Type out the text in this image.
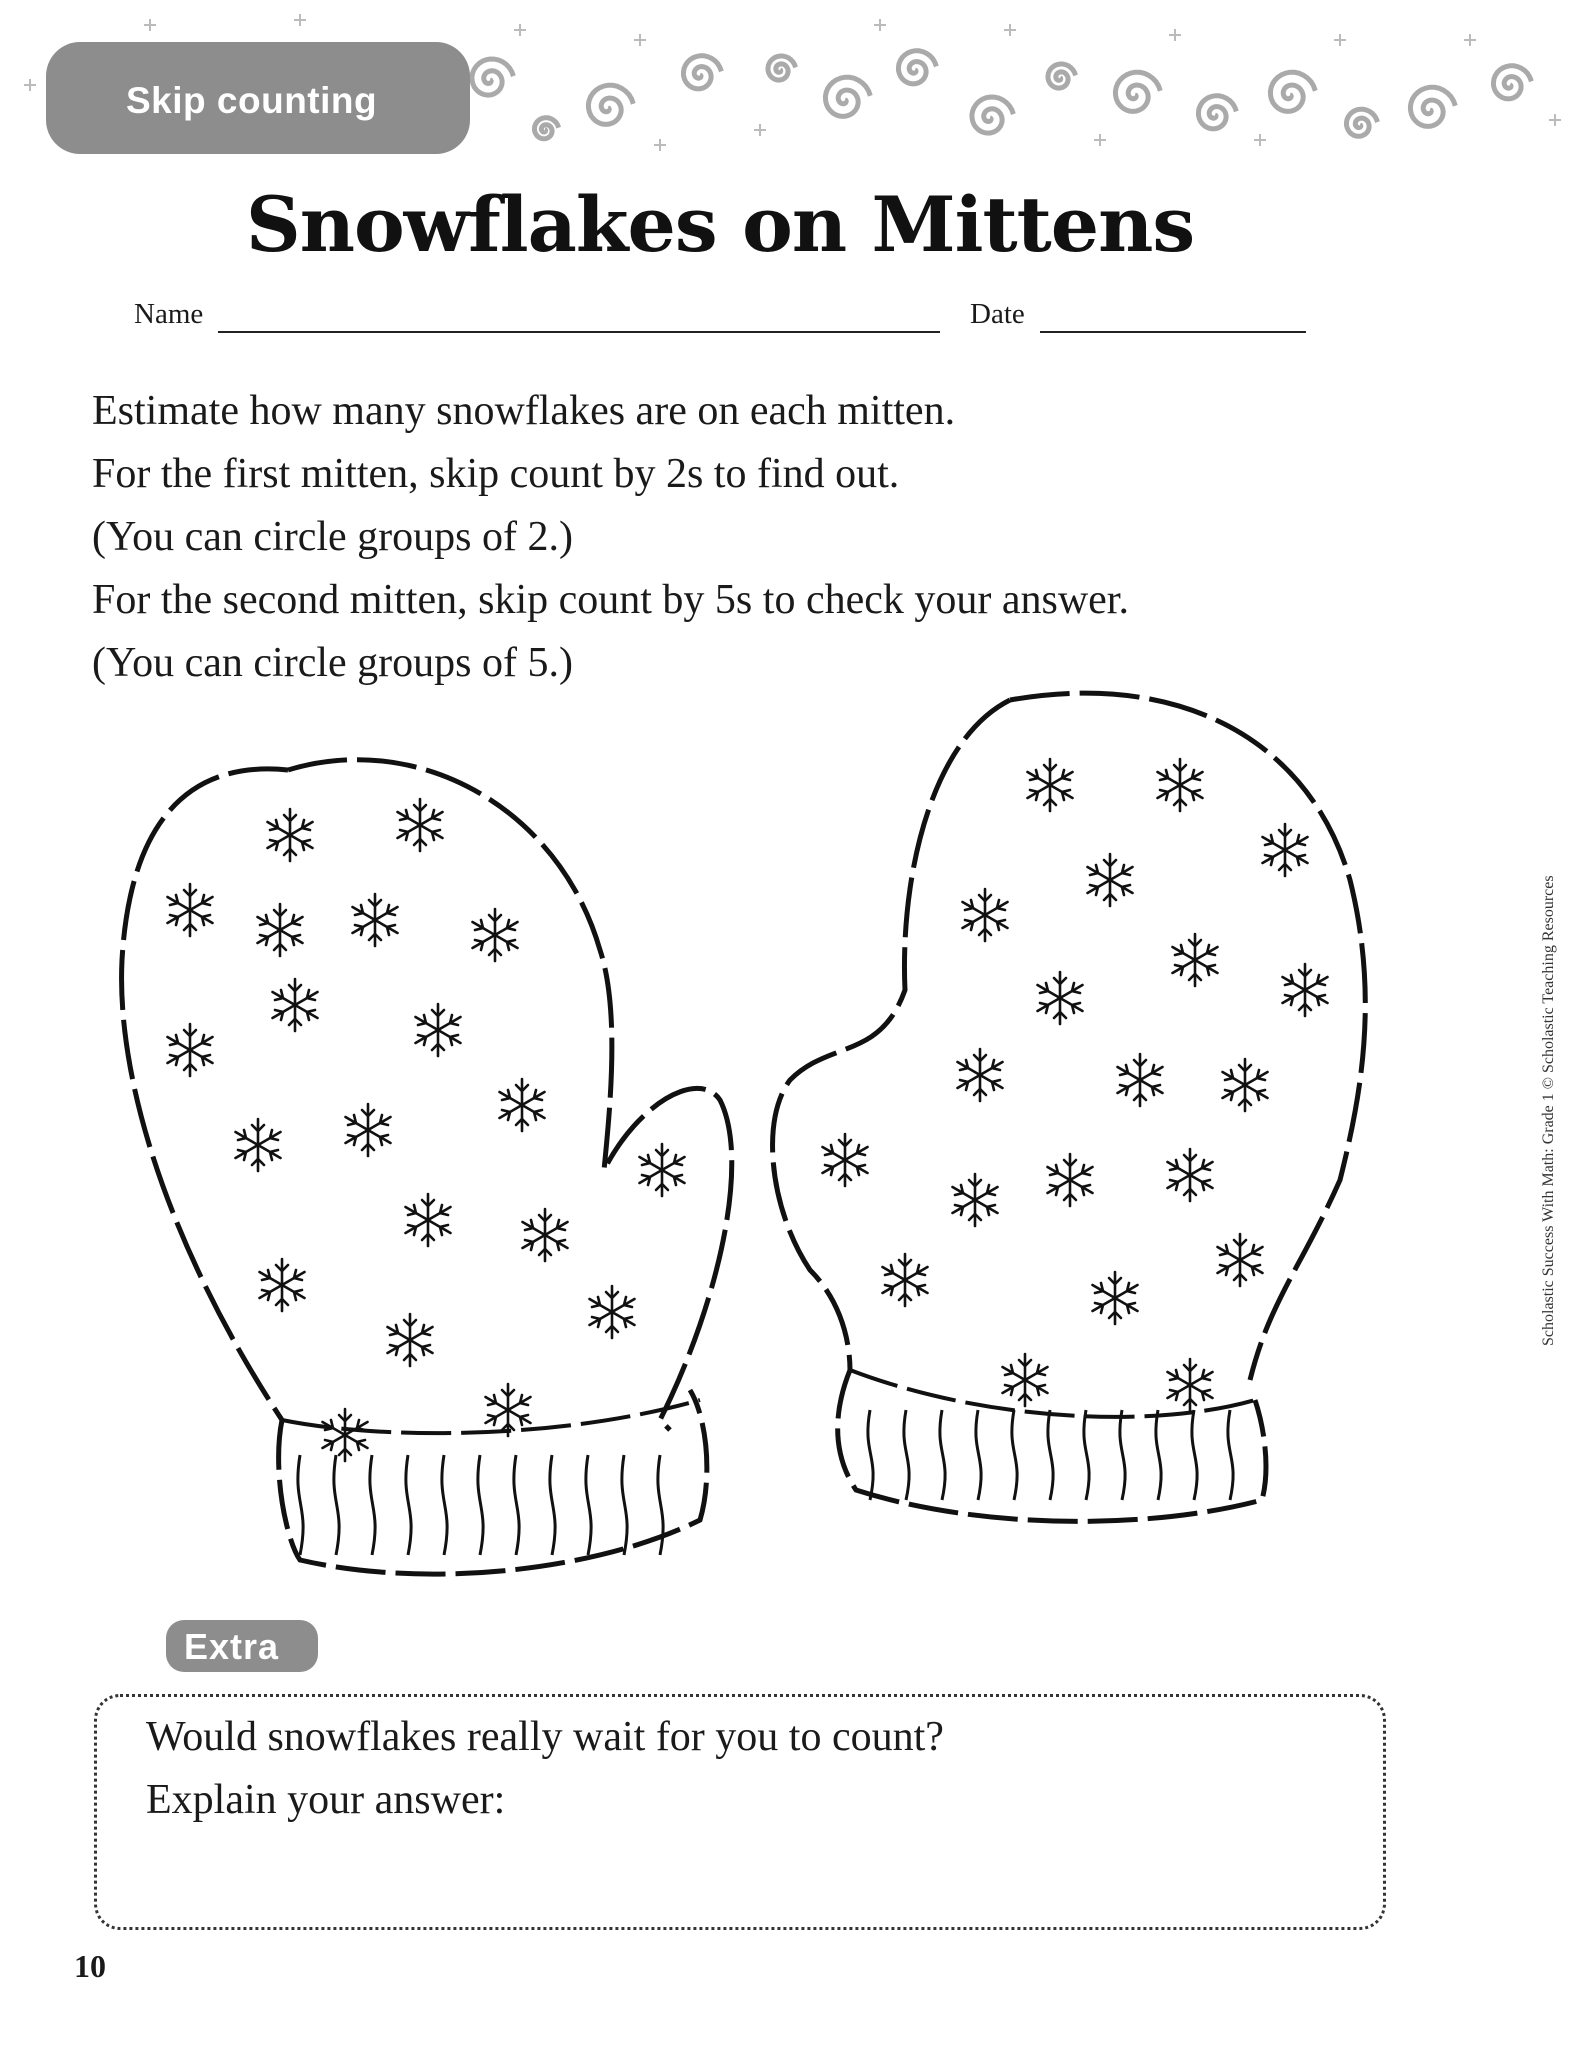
Skip counting
Snowflakes on Mittens
Name	Date
Estimate how many snowflakes are on each mitten.
For the first mitten, skip count by 2s to find out.
(You can circle groups of 2.)
For the second mitten, skip count by 5s to check your answer.
(You can circle groups of 5.)
Scholastic Success With Math: Grade 1 © Scholastic Teaching Resources
Extra
Would snowflakes really wait for you to count?
Explain your answer:
10
